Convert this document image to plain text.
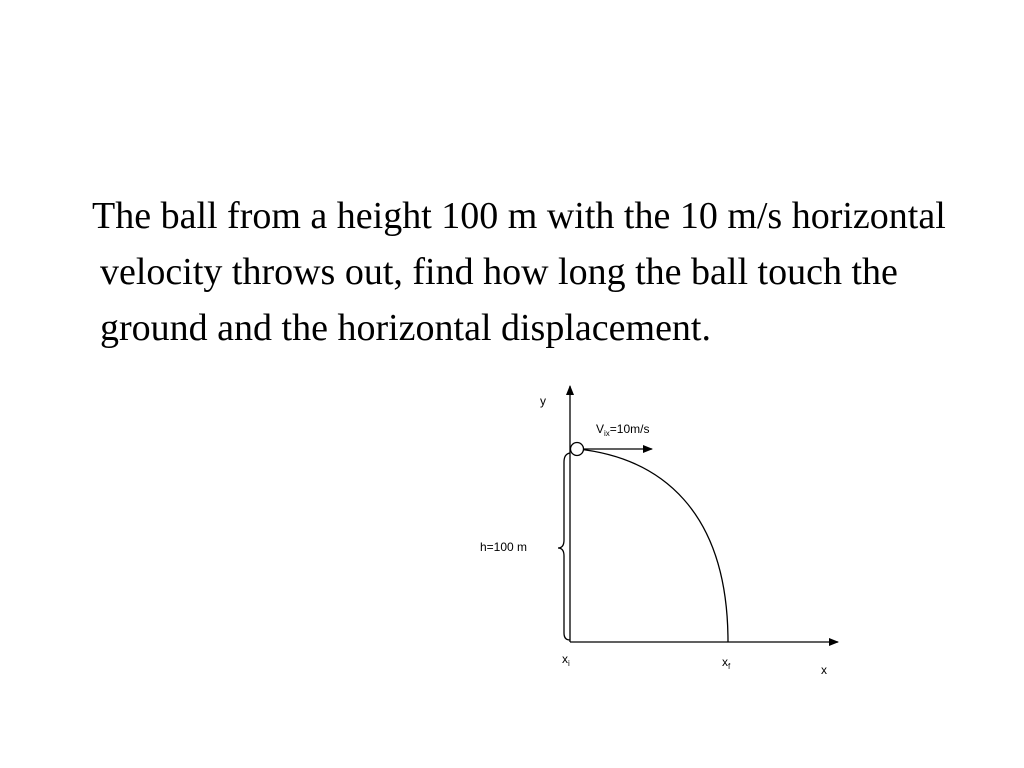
The ball from a height 100 m with the 10 m/s horizontal velocity throws out, find how long the ball touch the ground and the horizontal displacement.

y
x
$V_{ix}=10m/s$
h=100 m
$x_i$	$x_f$
